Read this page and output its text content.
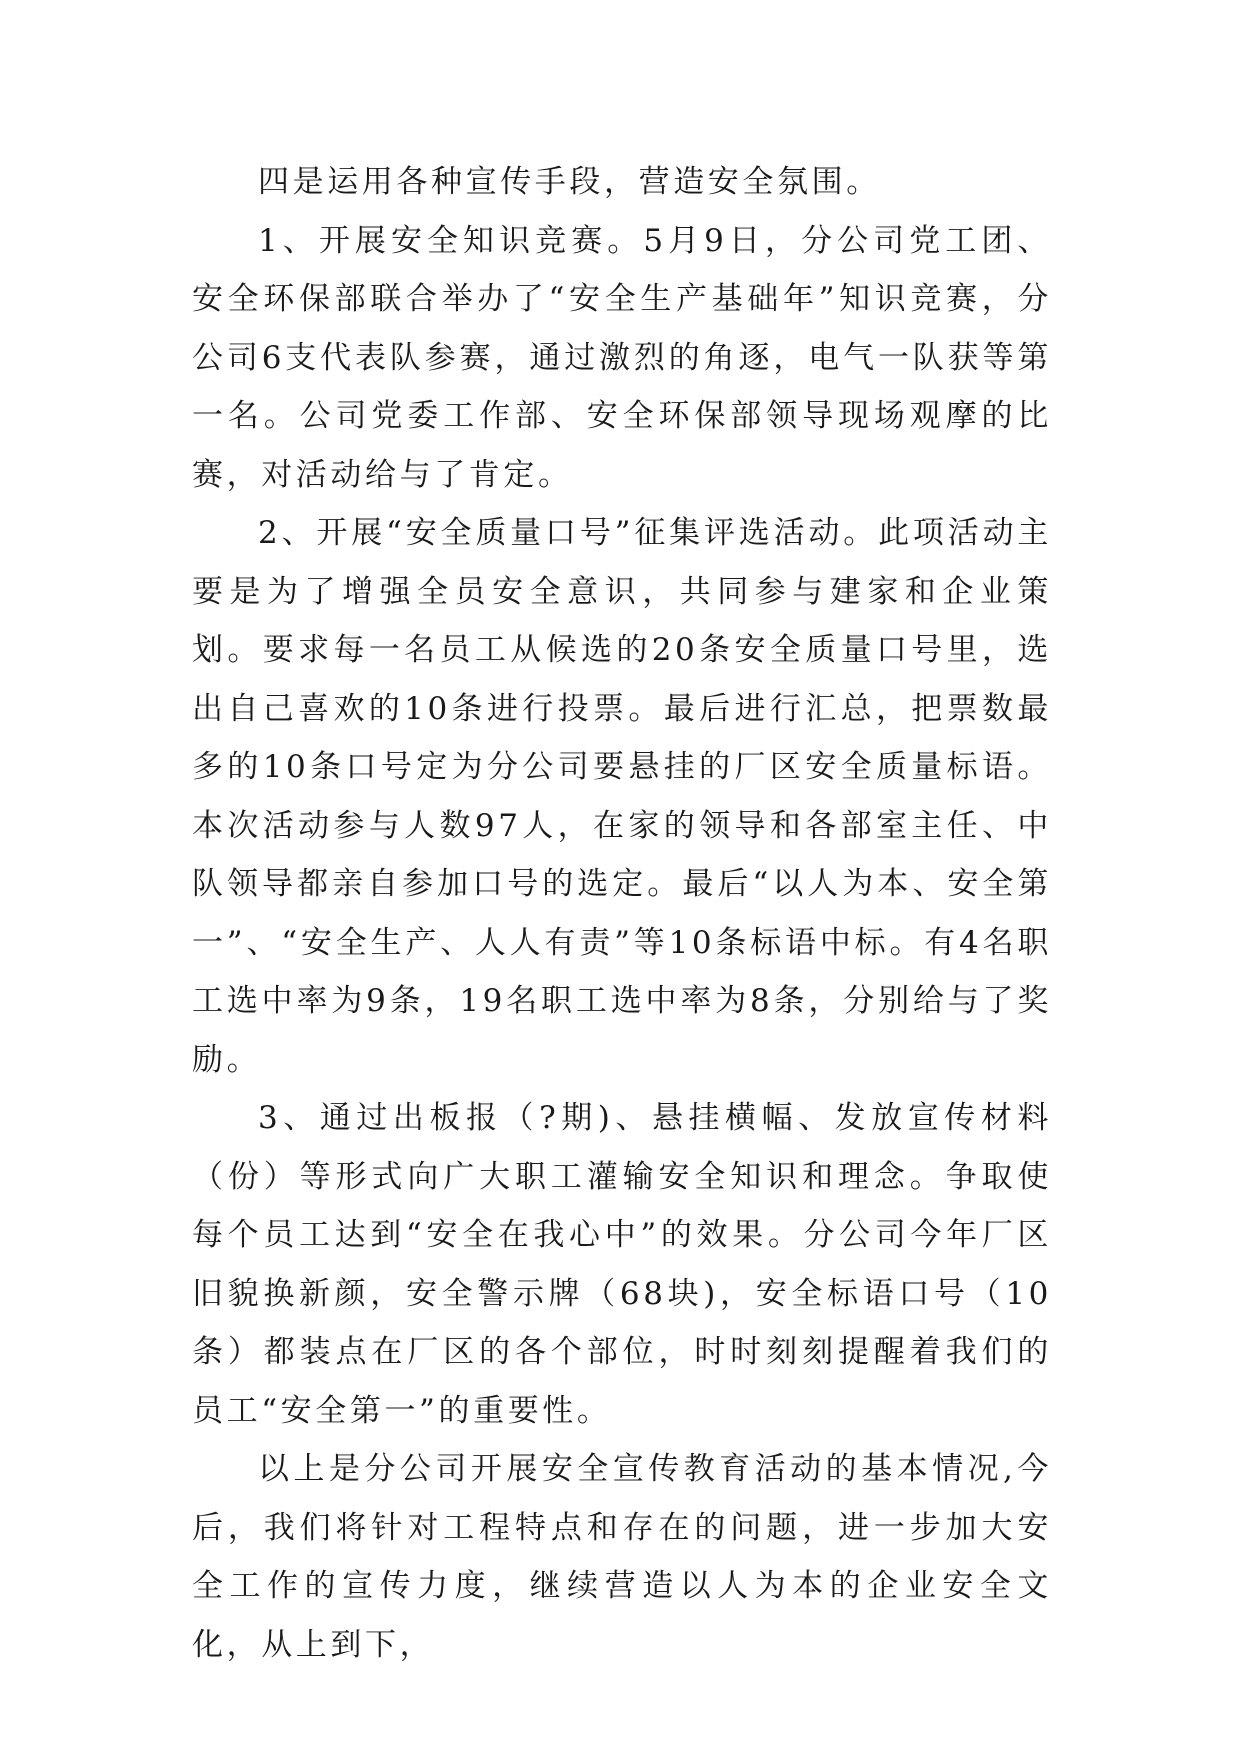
四是运用各种宣传手段，营造安全氛围。

1、开展安全知识竞赛。5月9日，分公司党工团、安全环保部联合举办了“安全生产基础年”知识竞赛，分公司6支代表队参赛，通过激烈的角逐，电气一队获等第一名。公司党委工作部、安全环保部领导现场观摩的比赛，对活动给与了肯定。

2、开展“安全质量口号”征集评选活动。此项活动主要是为了增强全员安全意识，共同参与建家和企业策划。要求每一名员工从候选的20条安全质量口号里，选出自己喜欢的10条进行投票。最后进行汇总，把票数最多的10条口号定为分公司要悬挂的厂区安全质量标语。本次活动参与人数97人，在家的领导和各部室主任、中队领导都亲自参加口号的选定。最后“以人为本、安全第一”、“安全生产、人人有责”等10条标语中标。有4名职工选中率为9条，19名职工选中率为8条，分别给与了奖励。

3、通过出板报（?期)、悬挂横幅、发放宣传材料（份）等形式向广大职工灌输安全知识和理念。争取使每个员工达到“安全在我心中”的效果。分公司今年厂区旧貌换新颜，安全警示牌（68块)，安全标语口号（10条）都装点在厂区的各个部位，时时刻刻提醒着我们的员工“安全第一”的重要性。

以上是分公司开展安全宣传教育活动的基本情况,今后，我们将针对工程特点和存在的问题，进一步加大安全工作的宣传力度，继续营造以人为本的企业安全文化，从上到下，
